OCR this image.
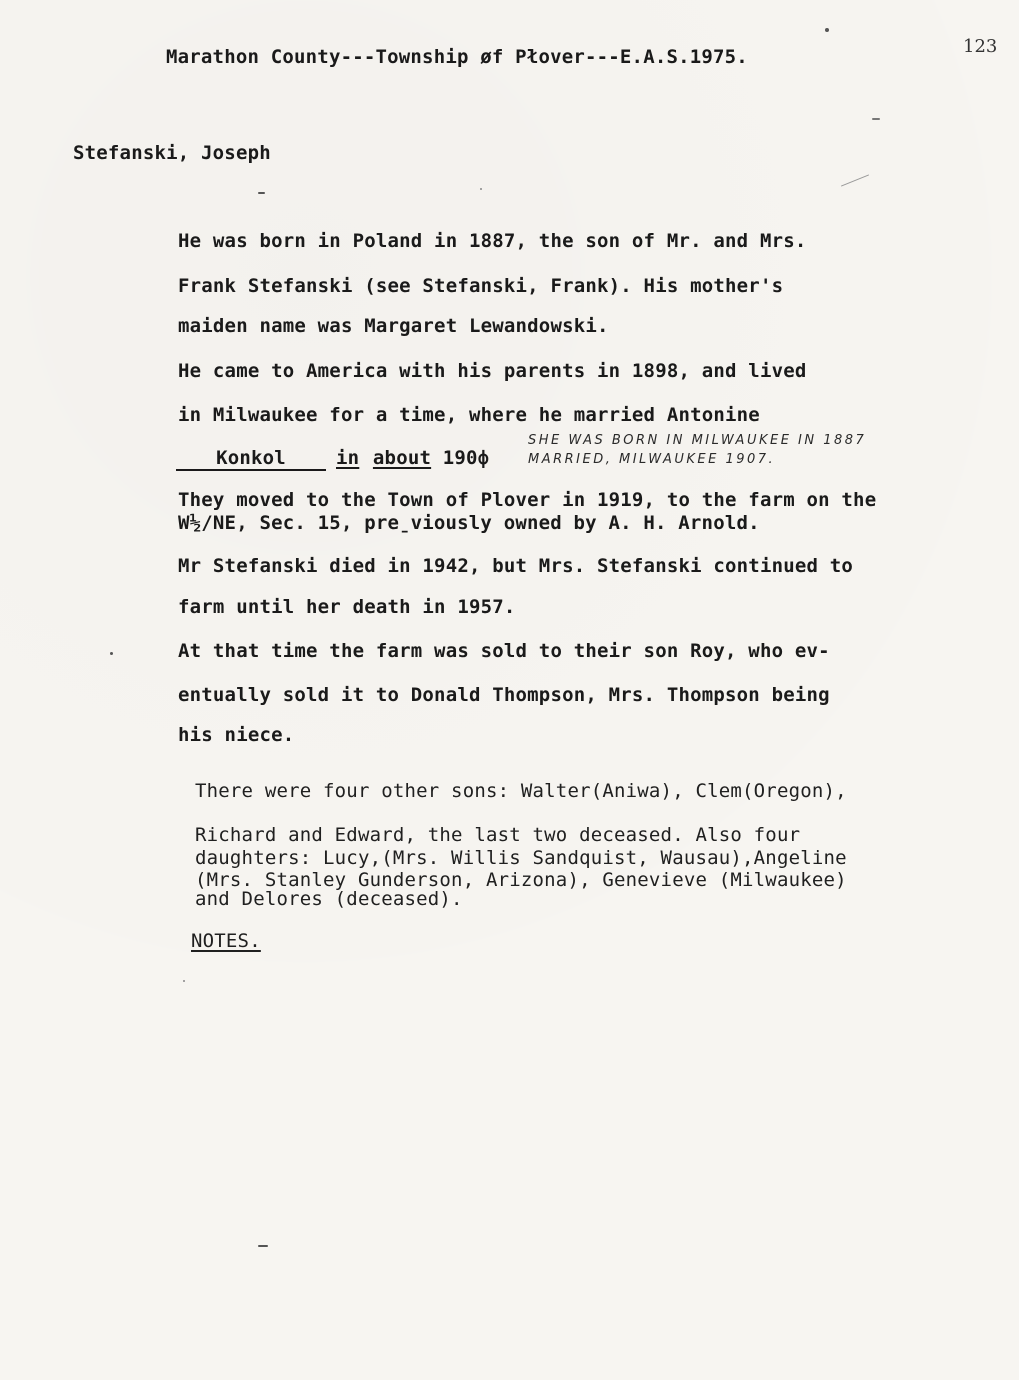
Marathon County---Township øf Płover---E.A.S.1975.	123
Stefanski, Joseph
He was born in Poland in 1887, the son of Mr. and Mrs.
Frank Stefanski (see Stefanski, Frank). His mother's
maiden name was Margaret Lewandowski.
He came to America with his parents in 1898, and lived
in Milwaukee for a time, where he married Antonine
Konkol	in about 190ф
SHE WAS BORN IN MILWAUKEE IN 1887
MARRIED, MILWAUKEE 1907.
They moved to the Town of Plover in 1919, to the farm on the
W½/NE, Sec. 15, pre̱viously owned by A. H. Arnold.
Mr Stefanski died in 1942, but Mrs. Stefanski continued to
farm until her death in 1957.
At that time the farm was sold to their son Roy, who ev-
entually sold it to Donald Thompson, Mrs. Thompson being
his niece.
There were four other sons: Walter(Aniwa), Clem(Oregon),
Richard and Edward, the last two deceased. Also four
daughters: Lucy,(Mrs. Willis Sandquist, Wausau),Angeline
(Mrs. Stanley Gunderson, Arizona), Genevieve (Milwaukee)
and Delores (deceased).
NOTES.
